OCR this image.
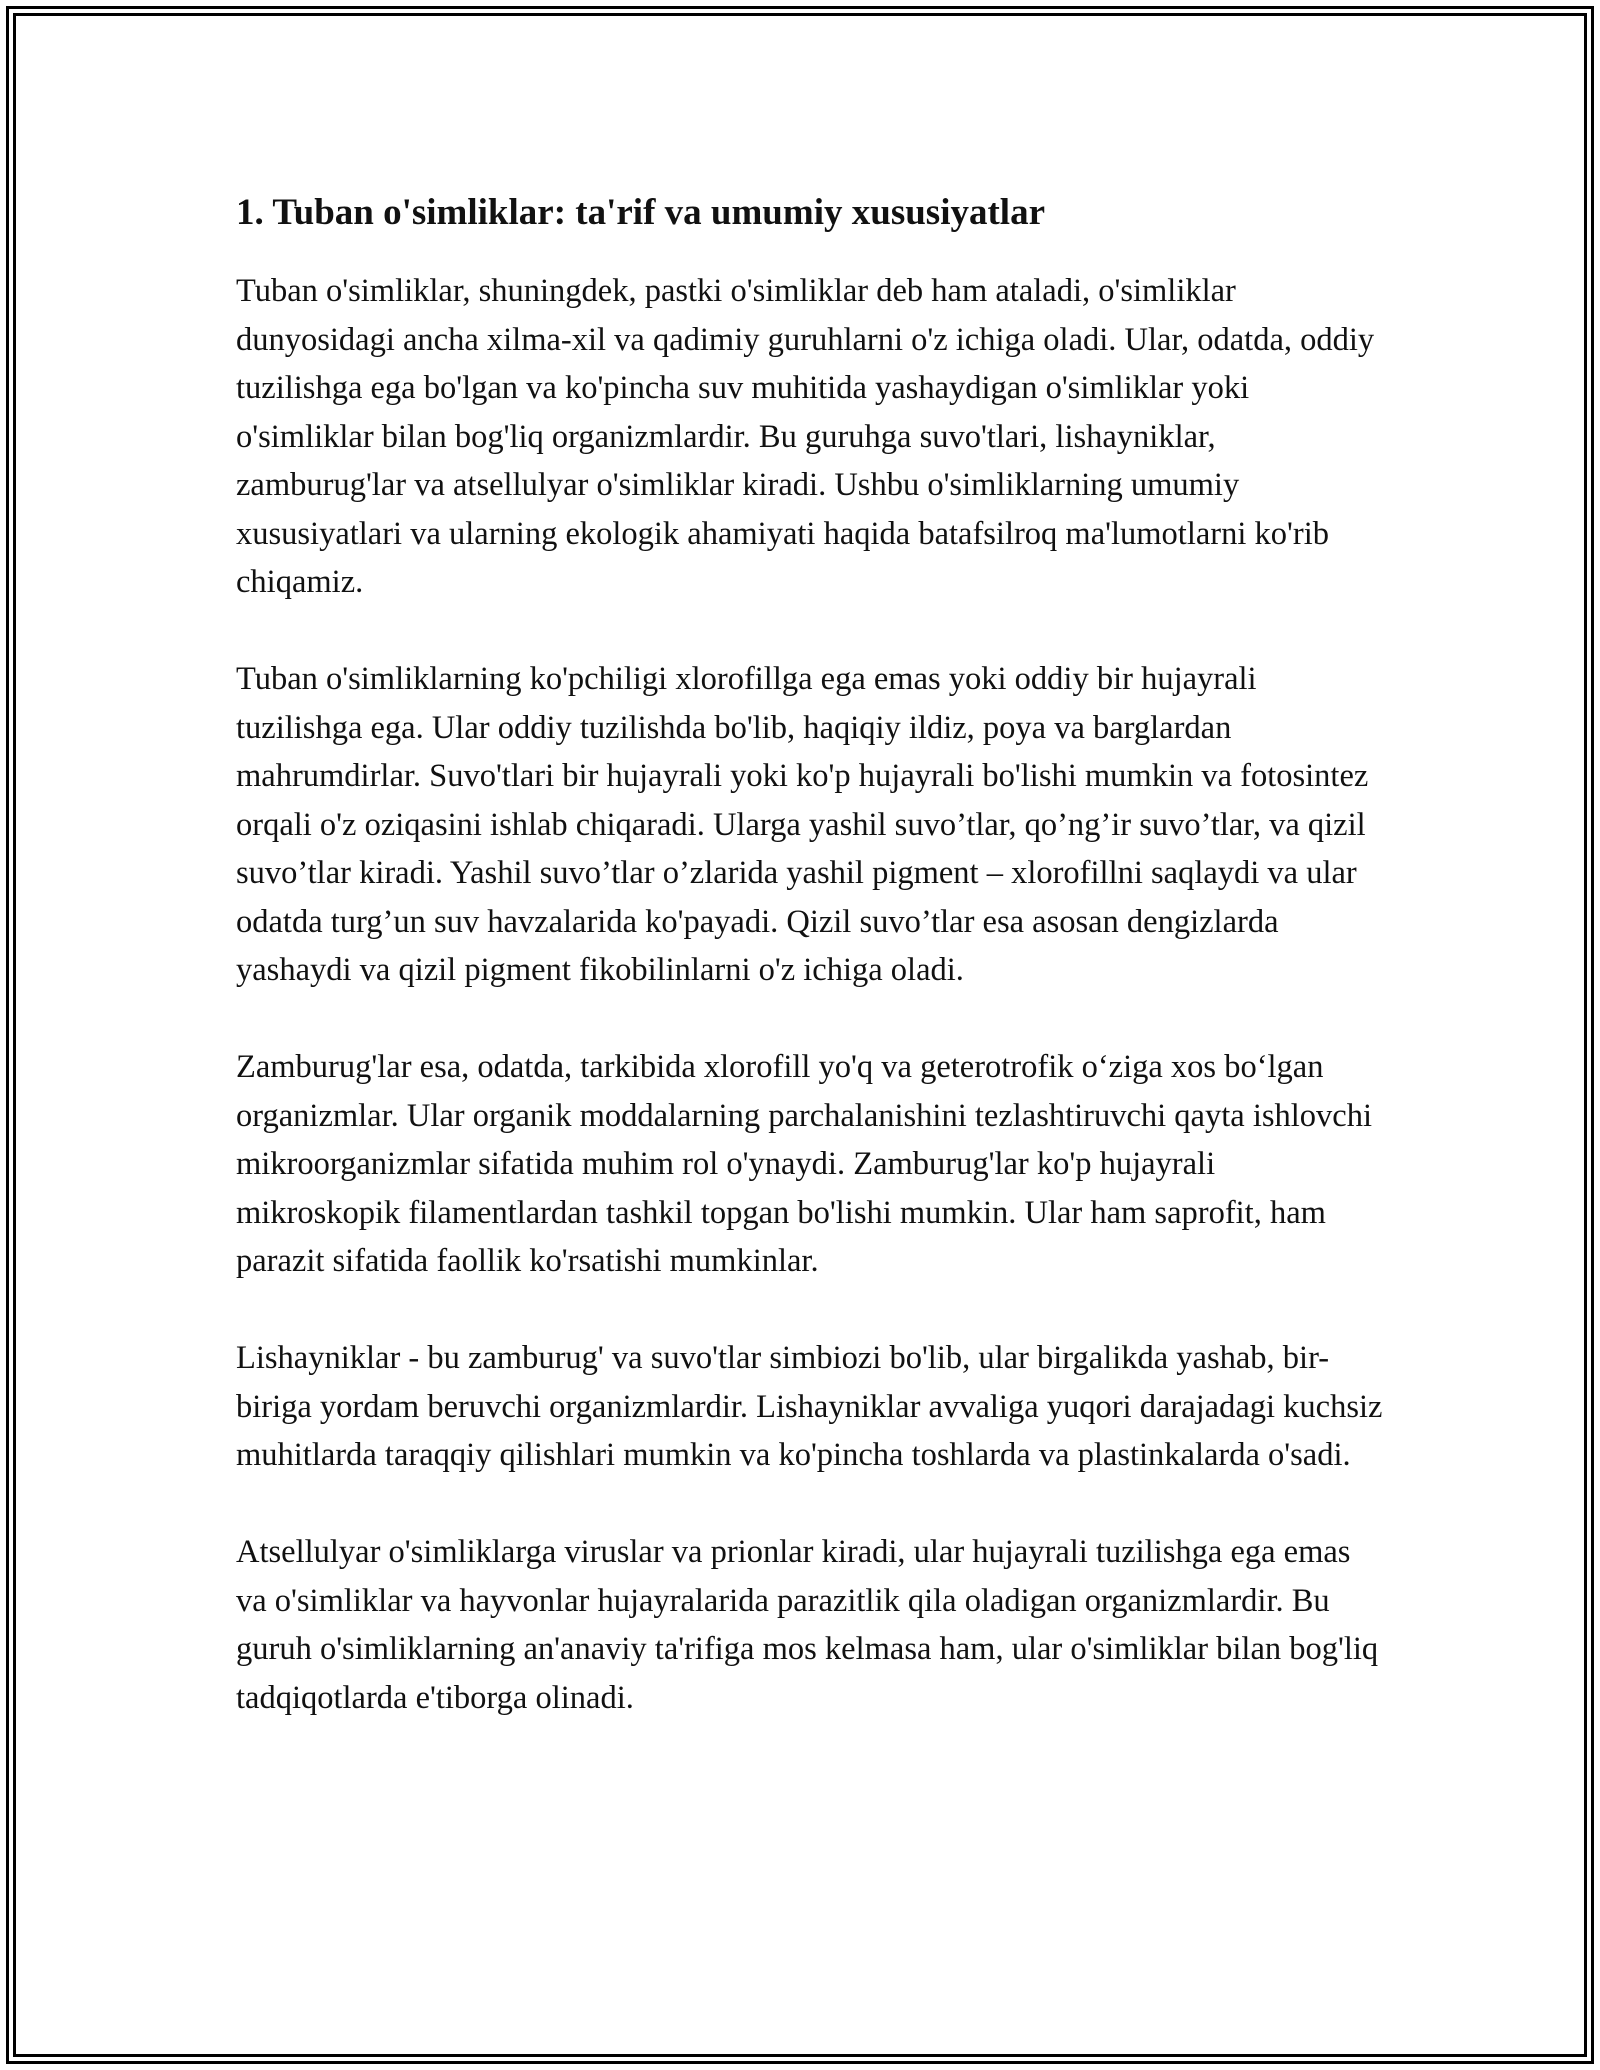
1. Tuban o'simliklar: ta'rif va umumiy xususiyatlar

Tuban o'simliklar, shuningdek, pastki o'simliklar deb ham ataladi, o'simliklar dunyosidagi ancha xilma-xil va qadimiy guruhlarni o'z ichiga oladi. Ular, odatda, oddiy tuzilishga ega bo'lgan va ko'pincha suv muhitida yashaydigan o'simliklar yoki o'simliklar bilan bog'liq organizmlardir. Bu guruhga suvo'tlari, lishayniklar, zamburug'lar va atsellulyar o'simliklar kiradi. Ushbu o'simliklarning umumiy xususiyatlari va ularning ekologik ahamiyati haqida batafsilroq ma'lumotlarni ko'rib chiqamiz.

Tuban o'simliklarning ko'pchiligi xlorofillga ega emas yoki oddiy bir hujayrali tuzilishga ega. Ular oddiy tuzilishda bo'lib, haqiqiy ildiz, poya va barglardan mahrumdirlar. Suvo'tlari bir hujayrali yoki ko'p hujayrali bo'lishi mumkin va fotosintez orqali o'z oziqasini ishlab chiqaradi. Ularga yashil suvo’tlar, qo’ng’ir suvo’tlar, va qizil suvo’tlar kiradi. Yashil suvo’tlar o’zlarida yashil pigment – xlorofillni saqlaydi va ular odatda turg’un suv havzalarida ko'payadi. Qizil suvo’tlar esa asosan dengizlarda yashaydi va qizil pigment fikobilinlarni o'z ichiga oladi.

Zamburug'lar esa, odatda, tarkibida xlorofill yo'q va geterotrofik o‘ziga xos bo‘lgan organizmlar. Ular organik moddalarning parchalanishini tezlashtiruvchi qayta ishlovchi mikroorganizmlar sifatida muhim rol o'ynaydi. Zamburug'lar ko'p hujayrali mikroskopik filamentlardan tashkil topgan bo'lishi mumkin. Ular ham saprofit, ham parazit sifatida faollik ko'rsatishi mumkinlar.

Lishayniklar - bu zamburug' va suvo'tlar simbiozi bo'lib, ular birgalikda yashab, bir-biriga yordam beruvchi organizmlardir. Lishayniklar avvaliga yuqori darajadagi kuchsiz muhitlarda taraqqiy qilishlari mumkin va ko'pincha toshlarda va plastinkalarda o'sadi.

Atsellulyar o'simliklarga viruslar va prionlar kiradi, ular hujayrali tuzilishga ega emas va o'simliklar va hayvonlar hujayralarida parazitlik qila oladigan organizmlardir. Bu guruh o'simliklarning an'anaviy ta'rifiga mos kelmasa ham, ular o'simliklar bilan bog'liq tadqiqotlarda e'tiborga olinadi.
